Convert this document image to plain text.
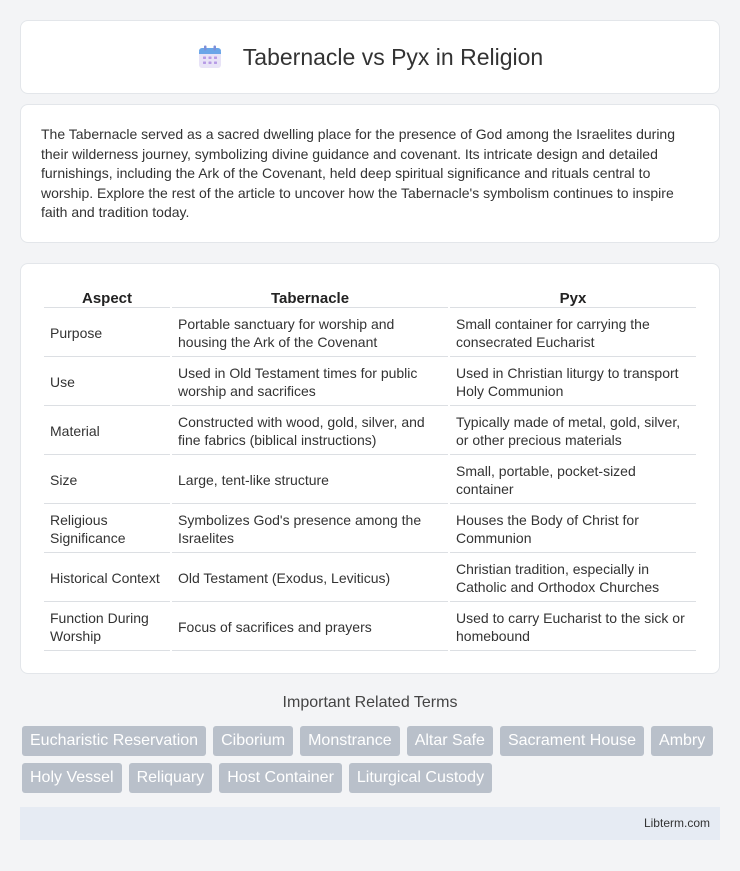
Tabernacle vs Pyx in Religion

The Tabernacle served as a sacred dwelling place for the presence of God among the Israelites during their wilderness journey, symbolizing divine guidance and covenant. Its intricate design and detailed furnishings, including the Ark of the Covenant, held deep spiritual significance and rituals central to worship. Explore the rest of the article to uncover how the Tabernacle's symbolism continues to inspire faith and tradition today.

Aspect	Tabernacle	Pyx
Purpose	Portable sanctuary for worship and housing the Ark of the Covenant	Small container for carrying the consecrated Eucharist
Use	Used in Old Testament times for public worship and sacrifices	Used in Christian liturgy to transport Holy Communion
Material	Constructed with wood, gold, silver, and fine fabrics (biblical instructions)	Typically made of metal, gold, silver, or other precious materials
Size	Large, tent-like structure	Small, portable, pocket-sized container
Religious Significance	Symbolizes God's presence among the Israelites	Houses the Body of Christ for Communion
Historical Context	Old Testament (Exodus, Leviticus)	Christian tradition, especially in Catholic and Orthodox Churches
Function During Worship	Focus of sacrifices and prayers	Used to carry Eucharist to the sick or homebound
Important Related Terms
Eucharistic Reservation	Ciborium	Monstrance	Altar Safe	Sacrament House	Ambry
Holy Vessel	Reliquary	Host Container	Liturgical Custody
Libterm.com
